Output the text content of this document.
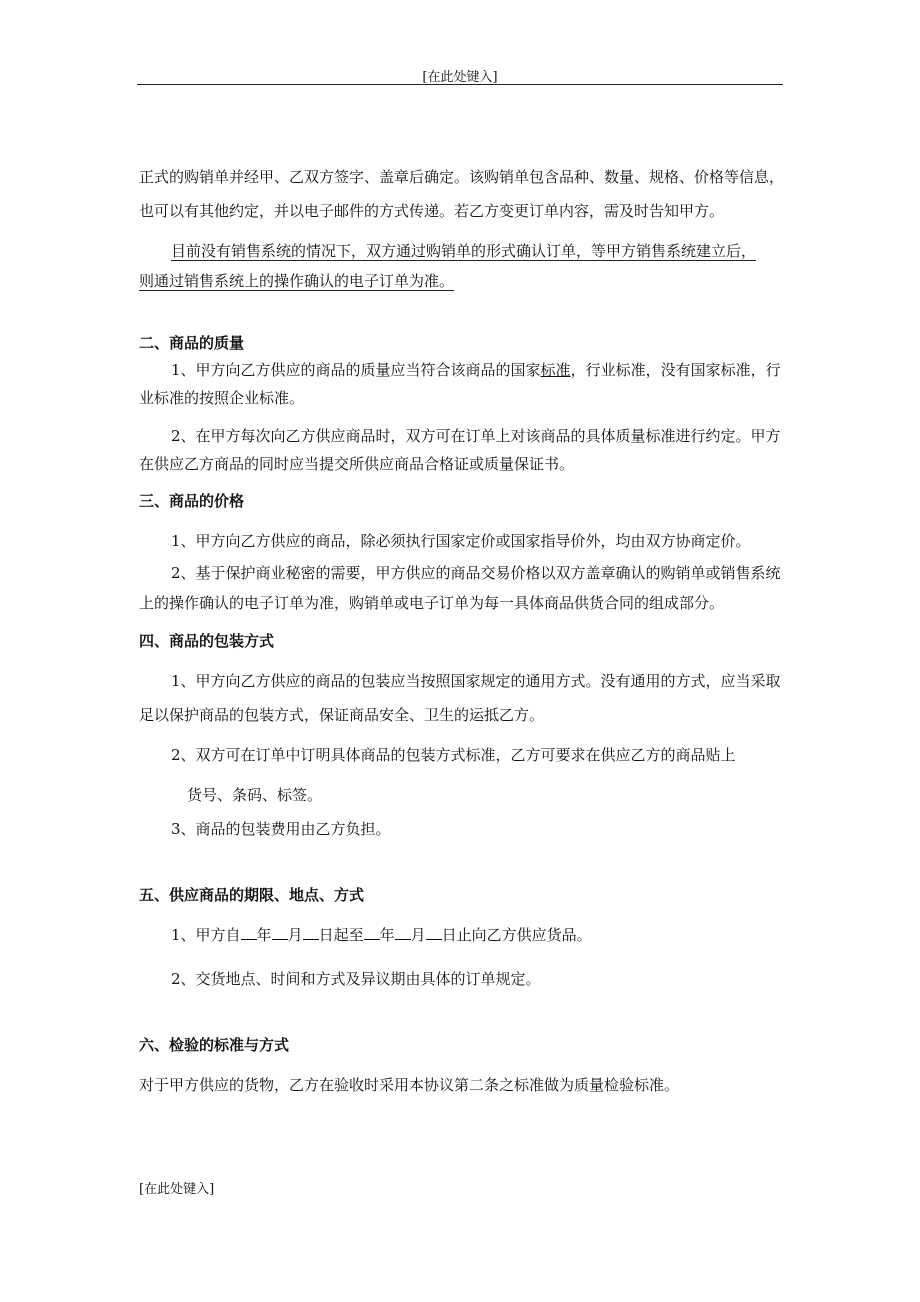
[在此处键入]

正式的购销单并经甲、乙双方签字、盖章后确定。该购销单包含品种、数量、规格、价格等信息，也可以有其他约定，并以电子邮件的方式传递。若乙方变更订单内容，需及时告知甲方。

目前没有销售系统的情况下，双方通过购销单的形式确认订单，等甲方销售系统建立后，
则通过销售系统上的操作确认的电子订单为准。

二、商品的质量

1、甲方向乙方供应的商品的质量应当符合该商品的国家标准，行业标准，没有国家标准，行业标准的按照企业标准。

2、在甲方每次向乙方供应商品时，双方可在订单上对该商品的具体质量标准进行约定。甲方在供应乙方商品的同时应当提交所供应商品合格证或质量保证书。

三、商品的价格

1、甲方向乙方供应的商品，除必须执行国家定价或国家指导价外，均由双方协商定价。

2、基于保护商业秘密的需要，甲方供应的商品交易价格以双方盖章确认的购销单或销售系统上的操作确认的电子订单为准，购销单或电子订单为每一具体商品供货合同的组成部分。

四、商品的包装方式

1、甲方向乙方供应的商品的包装应当按照国家规定的通用方式。没有通用的方式，应当采取足以保护商品的包装方式，保证商品安全、卫生的运抵乙方。

2、双方可在订单中订明具体商品的包装方式标准，乙方可要求在供应乙方的商品贴上

货号、条码、标签。

3、商品的包装费用由乙方负担。

五、供应商品的期限、地点、方式

1、甲方自 年 月 日起至 年 月 日止向乙方供应货品。

2、交货地点、时间和方式及异议期由具体的订单规定。

六、检验的标准与方式

对于甲方供应的货物，乙方在验收时采用本协议第二条之标准做为质量检验标准。

[在此处键入]
